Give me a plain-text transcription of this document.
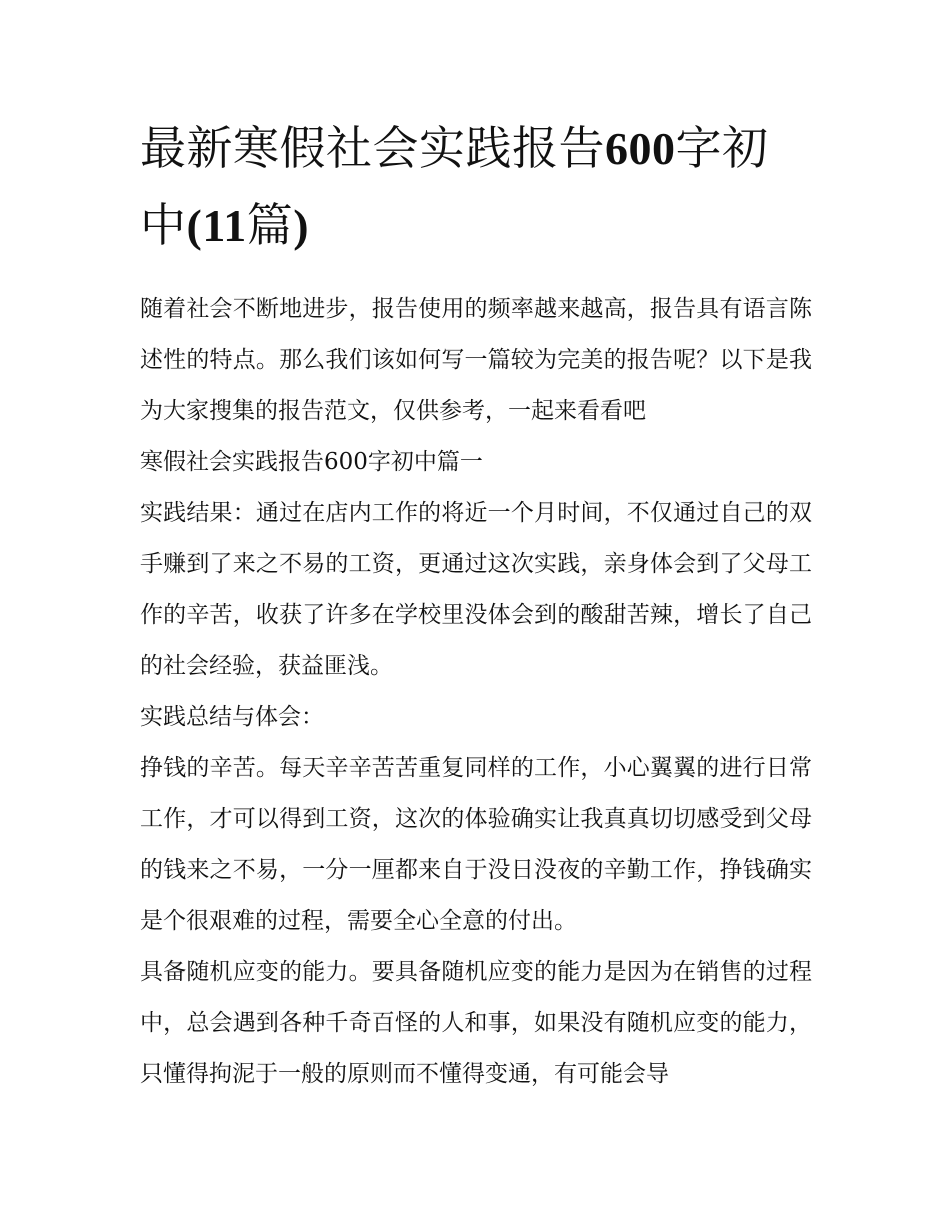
最新寒假社会实践报告600字初中(11篇)

随着社会不断地进步，报告使用的频率越来越高，报告具有语言陈述性的特点。那么我们该如何写一篇较为完美的报告呢？以下是我为大家搜集的报告范文，仅供参考，一起来看看吧

寒假社会实践报告600字初中篇一

实践结果：通过在店内工作的将近一个月时间，不仅通过自己的双手赚到了来之不易的工资，更通过这次实践，亲身体会到了父母工作的辛苦，收获了许多在学校里没体会到的酸甜苦辣，增长了自己的社会经验，获益匪浅。

实践总结与体会：

挣钱的辛苦。每天辛辛苦苦重复同样的工作，小心翼翼的进行日常工作，才可以得到工资，这次的体验确实让我真真切切感受到父母的钱来之不易，一分一厘都来自于没日没夜的辛勤工作，挣钱确实是个很艰难的过程，需要全心全意的付出。

具备随机应变的能力。要具备随机应变的能力是因为在销售的过程中，总会遇到各种千奇百怪的人和事，如果没有随机应变的能力，只懂得拘泥于一般的原则而不懂得变通，有可能会导
